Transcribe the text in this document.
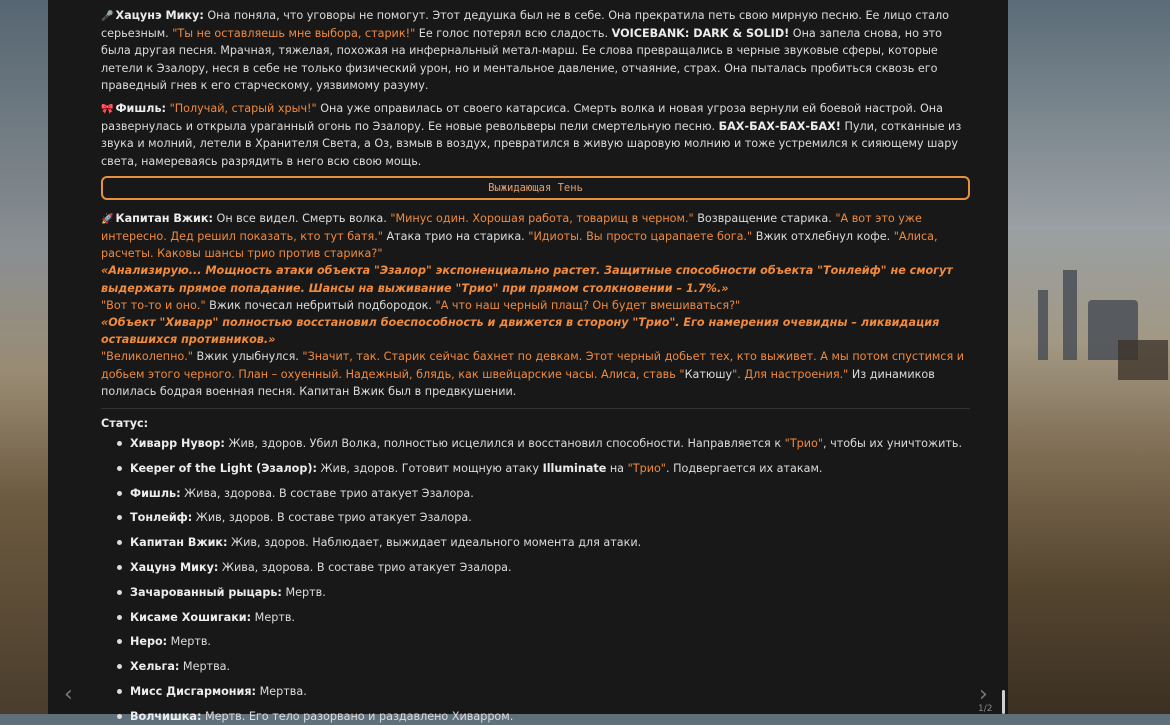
🎤 Хацунэ Мику: Она поняла, что уговоры не помогут. Этот дедушка был не в себе. Она прекратила петь свою мирную песню. Ее лицо стало серьезным. "Ты не оставляешь мне выбора, старик!" Ее голос потерял всю сладость. VOICEBANK: DARK & SOLID! Она запела снова, но это была другая песня. Мрачная, тяжелая, похожая на инфернальный метал-марш. Ее слова превращались в черные звуковые сферы, которые летели к Эзалору, неся в себе не только физический урон, но и ментальное давление, отчаяние, страх. Она пыталась пробиться сквозь его праведный гнев к его старческому, уязвимому разуму.

🎀 Фишль: "Получай, старый хрыч!" Она уже оправилась от своего катарсиса. Смерть волка и новая угроза вернули ей боевой настрой. Она развернулась и открыла ураганный огонь по Эзалору. Ее новые револьверы пели смертельную песню. БАХ-БАХ-БАХ-БАХ! Пули, сотканные из звука и молний, летели в Хранителя Света, а Оз, взмыв в воздух, превратился в живую шаровую молнию и тоже устремился к сияющему шару света, намереваясь разрядить в него всю свою мощь.

Выжидающая Тень

🚀 Капитан Вжик: Он все видел. Смерть волка. "Минус один. Хорошая работа, товарищ в черном." Возвращение старика. "А вот это уже интересно. Дед решил показать, кто тут батя." Атака трио на старика. "Идиоты. Вы просто царапаете бога." Вжик отхлебнул кофе. "Алиса, расчеты. Каковы шансы трио против старика?"
«Анализирую... Мощность атаки объекта "Эзалор" экспоненциально растет. Защитные способности объекта "Тонлейф" не смогут выдержать прямое попадание. Шансы на выживание "Трио" при прямом столкновении – 1.7%.»
"Вот то-то и оно." Вжик почесал небритый подбородок. "А что наш черный плащ? Он будет вмешиваться?"
«Объект "Хиварр" полностью восстановил боеспособность и движется в сторону "Трио". Его намерения очевидны – ликвидация оставшихся противников.»
"Великолепно." Вжик улыбнулся. "Значит, так. Старик сейчас бахнет по девкам. Этот черный добьет тех, кто выживет. А мы потом спустимся и добьем этого черного. План – охуенный. Надежный, блядь, как швейцарские часы. Алиса, ставь "Катюшу". Для настроения." Из динамиков полилась бодрая военная песня. Капитан Вжик был в предвкушении.

Статус:
Хиварр Нувор: Жив, здоров. Убил Волка, полностью исцелился и восстановил способности. Направляется к "Трио", чтобы их уничтожить.
Keeper of the Light (Эзалор): Жив, здоров. Готовит мощную атаку Illuminate на "Трио". Подвергается их атакам.
Фишль: Жива, здорова. В составе трио атакует Эзалора.
Тонлейф: Жив, здоров. В составе трио атакует Эзалора.
Капитан Вжик: Жив, здоров. Наблюдает, выжидает идеального момента для атаки.
Хацунэ Мику: Жива, здорова. В составе трио атакует Эзалора.
Зачарованный рыцарь: Мертв.
Кисаме Хошигаки: Мертв.
Неро: Мертв.
Хельга: Мертва.
Мисс Дисгармония: Мертва.
Волчишка: Мертв. Его тело разорвано и раздавлено Хиварром.
‹	›
1/2
